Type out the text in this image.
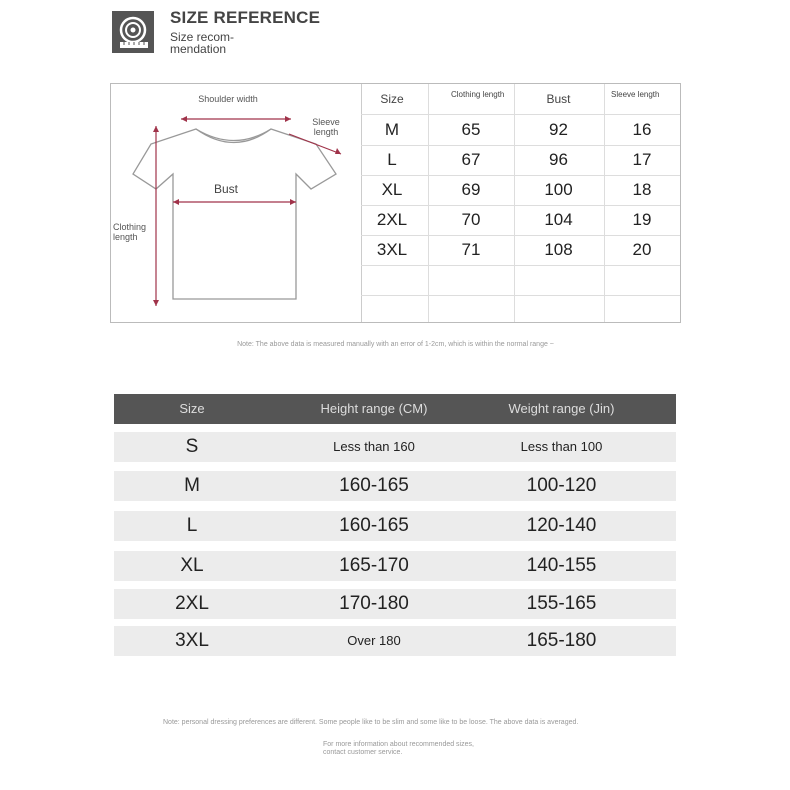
SIZE REFERENCE
Size recom- mendation
Shoulder width
Sleeve length
Bust
Clothing length
Size	Clothing length	Bust	Sleeve length
M	65	92	16
L	67	96	17
XL	69	100	18
2XL	70	104	19
3XL	71	108	20
Note: The above data is measured manually with an error of 1-2cm, which is within the normal range ~
Size	Height range (CM)	Weight range (Jin)
S	Less than 160	Less than 100
M	160-165	100-120
L	160-165	120-140
XL	165-170	140-155
2XL	170-180	155-165
3XL	Over 180	165-180
Note: personal dressing preferences are different. Some people like to be slim and some like to be loose. The above data is averaged.
For more information about recommended sizes, contact customer service.
